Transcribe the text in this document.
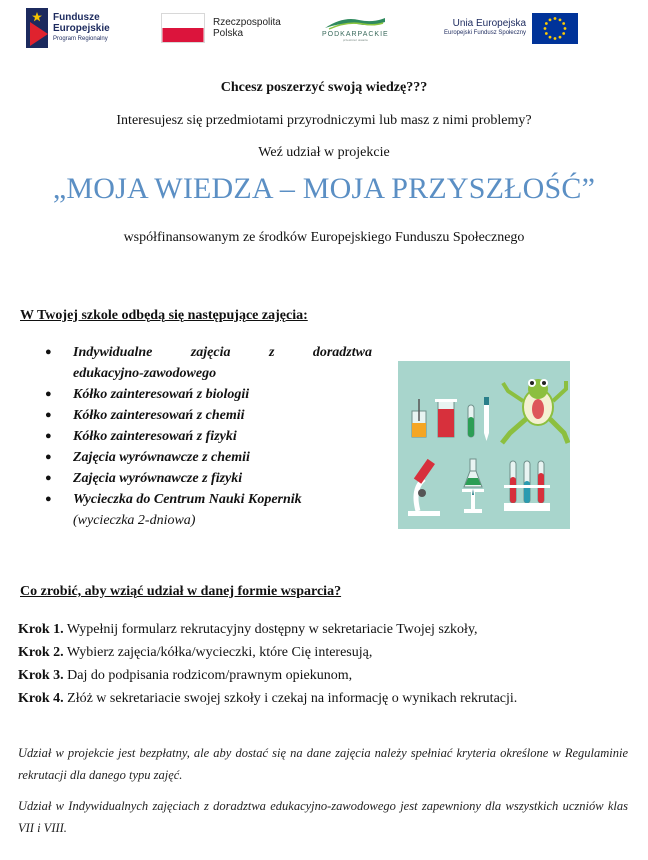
Fundusze
Europejskie
Program Regionalny
Rzeczpospolita
Polska	PODKARPACKIE
przestrzeń otwarta
Unia Europejska
Europejski Fundusz Społeczny
Chcesz poszerzyć swoją wiedzę???
Interesujesz się przedmiotami przyrodniczymi lub masz z nimi problemy?
Weź udział w projekcie
„MOJA WIEDZA – MOJA PRZYSZŁOŚĆ”
współfinansowanym ze środków Europejskiego Funduszu Społecznego
W Twojej szkole odbędą się następujące zajęcia:
● Indywidualne zajęcia z doradztwa
edukacyjno-zawodowego
● Kółko zainteresowań z biologii
● Kółko zainteresowań z chemii
● Kółko zainteresowań z fizyki
● Zajęcia wyrównawcze z chemii
● Zajęcia wyrównawcze z fizyki
● Wycieczka do Centrum Nauki Kopernik
(wycieczka 2-dniowa)
Co zrobić, aby wziąć udział w danej formie wsparcia?

Krok 1. Wypełnij formularz rekrutacyjny dostępny w sekretariacie Twojej szkoły,

Krok 2. Wybierz zajęcia/kółka/wycieczki, które Cię interesują,

Krok 3. Daj do podpisania rodzicom/prawnym opiekunom,

Krok 4. Złóż w sekretariacie swojej szkoły i czekaj na informację o wynikach rekrutacji.

Udział w projekcie jest bezpłatny, ale aby dostać się na dane zajęcia należy spełniać kryteria określone w Regulaminie rekrutacji dla danego typu zajęć.

Udział w Indywidualnych zajęciach z doradztwa edukacyjno-zawodowego jest zapewniony dla wszystkich uczniów klas VII i VIII.
